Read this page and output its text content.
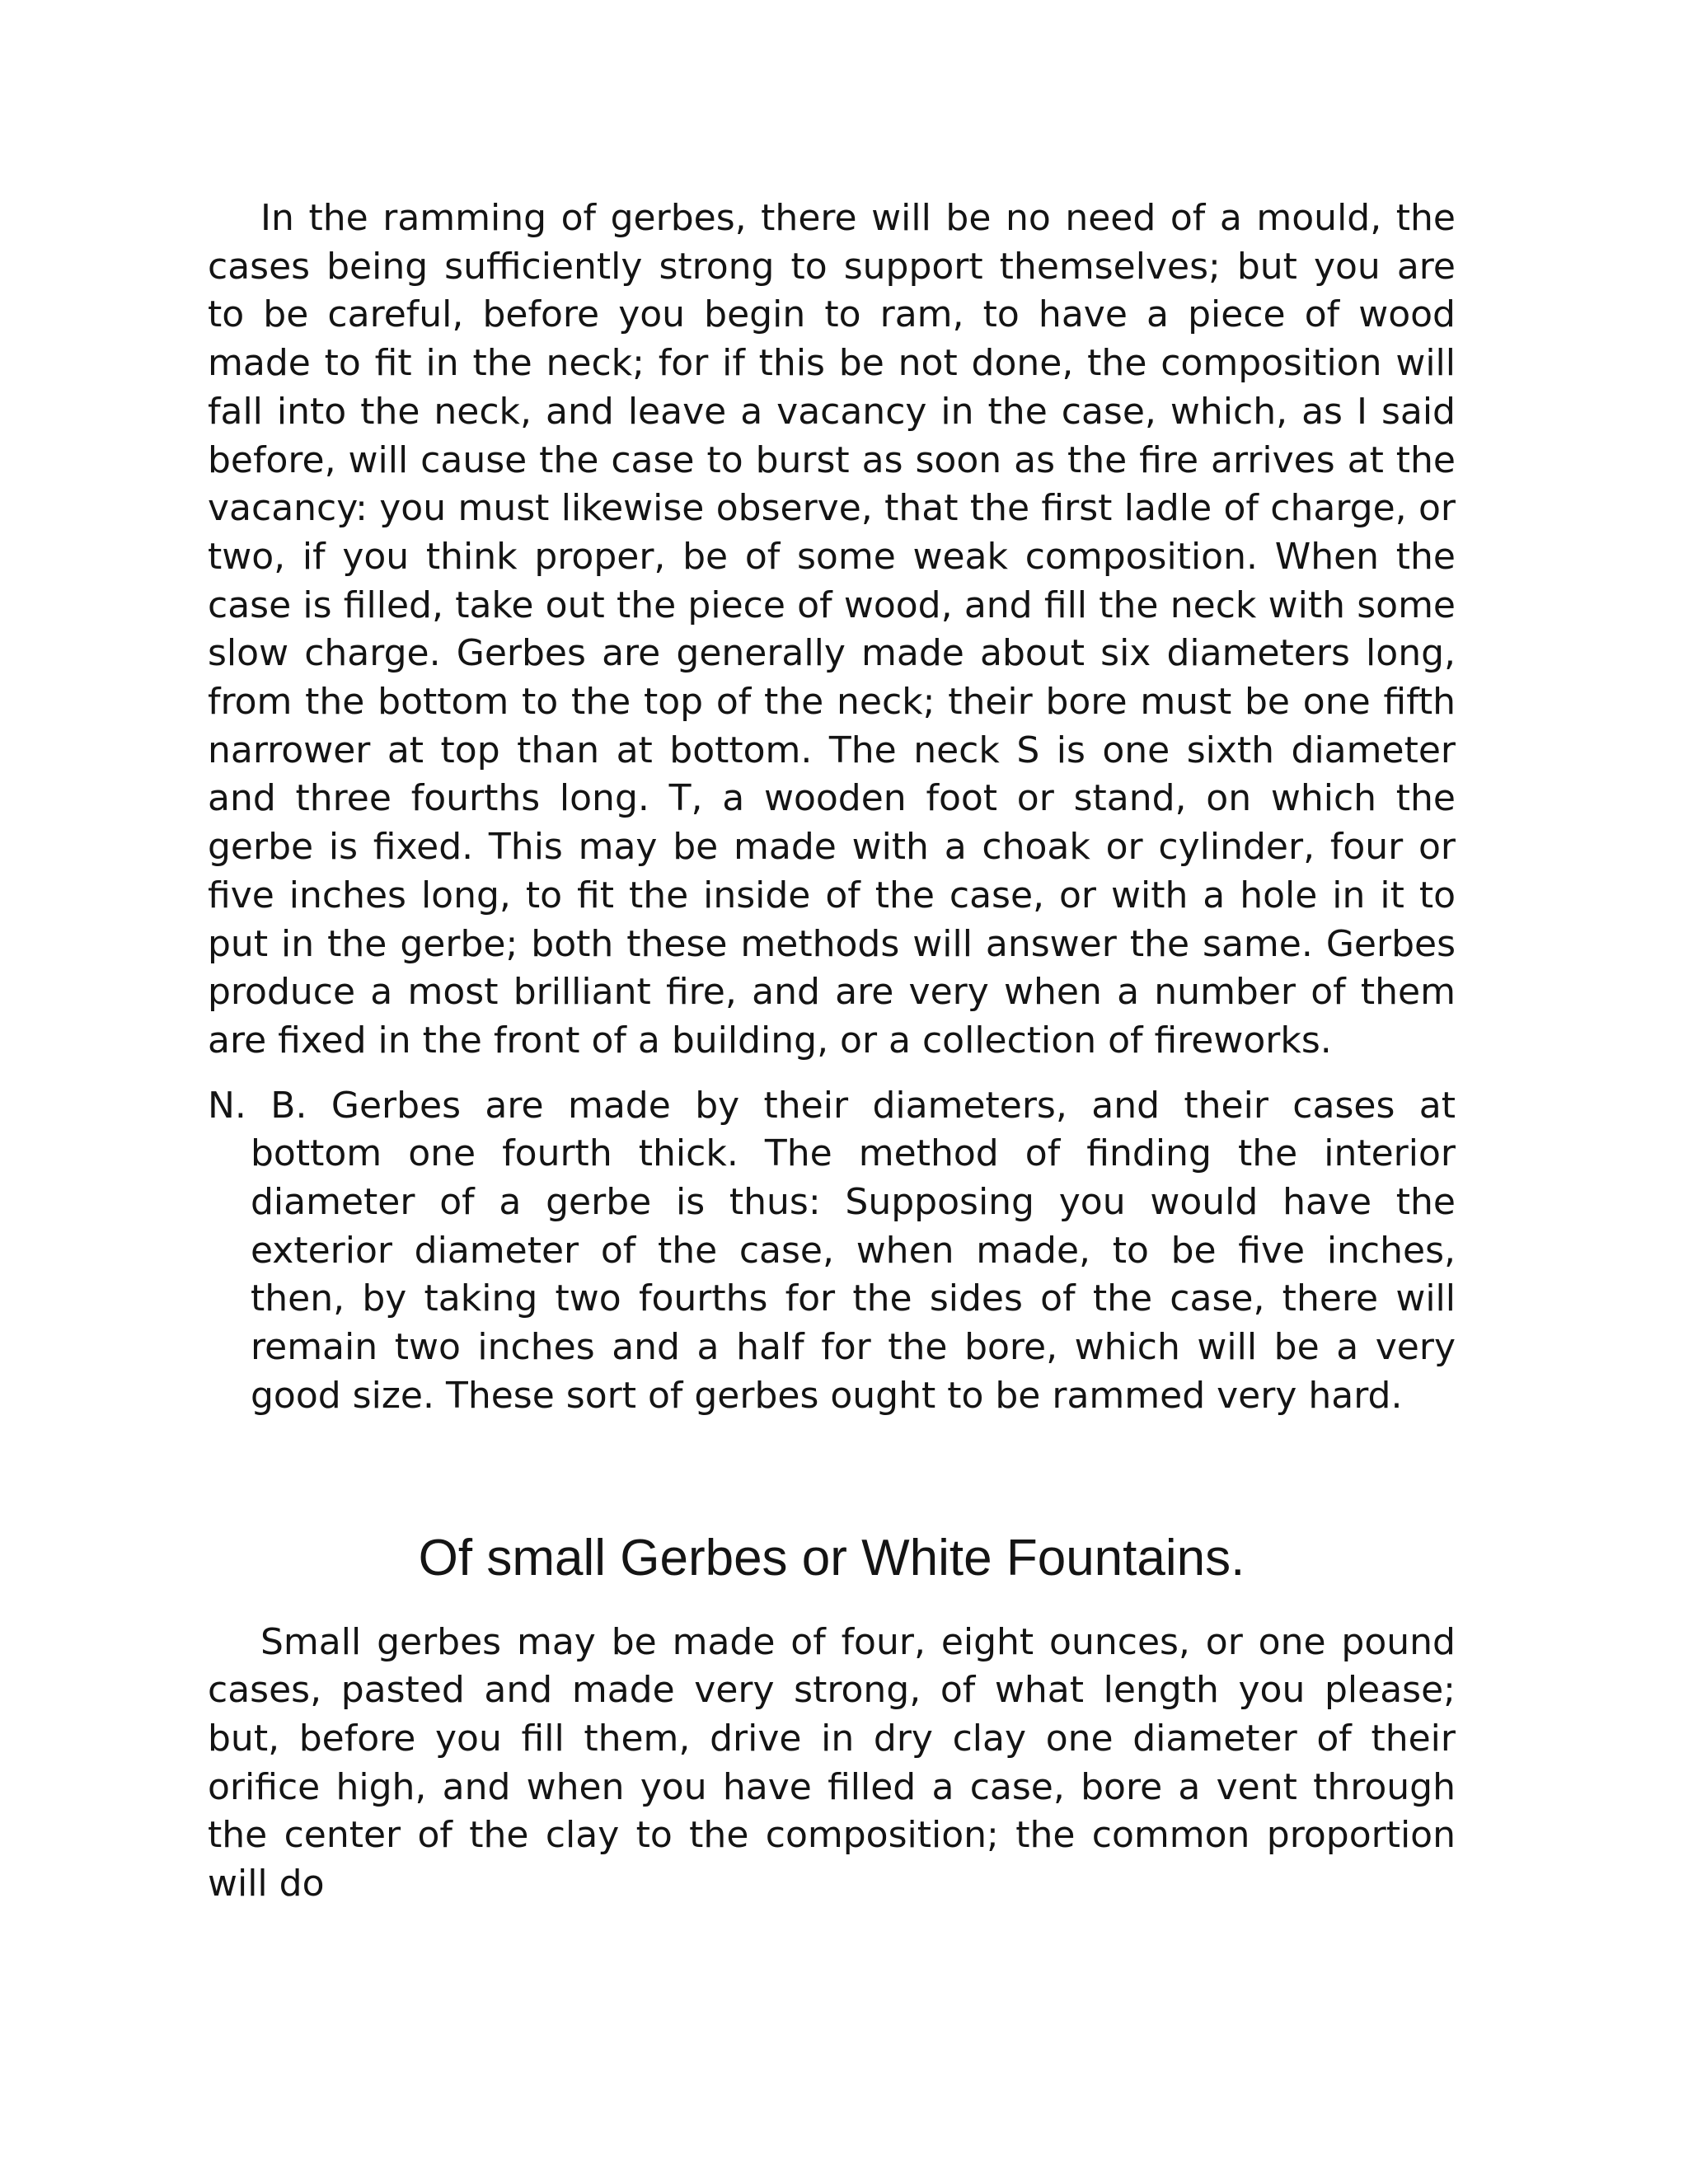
In the ramming of gerbes, there will be no need of a mould, the cases being sufficiently strong to support themselves; but you are to be careful, before you begin to ram, to have a piece of wood made to fit in the neck; for if this be not done, the composition will fall into the neck, and leave a vacancy in the case, which, as I said before, will cause the case to burst as soon as the fire arrives at the vacancy: you must likewise observe, that the first ladle of charge, or two, if you think proper, be of some weak composition. When the case is filled, take out the piece of wood, and fill the neck with some slow charge. Gerbes are generally made about six diameters long, from the bottom to the top of the neck; their bore must be one fifth narrower at top than at bottom. The neck S is one sixth diameter and three fourths long. T, a wooden foot or stand, on which the gerbe is fixed. This may be made with a choak or cylinder, four or five inches long, to fit the inside of the case, or with a hole in it to put in the gerbe; both these methods will answer the same. Gerbes produce a most brilliant fire, and are very when a number of them are fixed in the front of a building, or a collection of fireworks.

N. B. Gerbes are made by their diameters, and their cases at bottom one fourth thick. The method of finding the interior diameter of a gerbe is thus: Supposing you would have the exterior diameter of the case, when made, to be five inches, then, by taking two fourths for the sides of the case, there will remain two inches and a half for the bore, which will be a very good size. These sort of gerbes ought to be rammed very hard.

Of small Gerbes or White Fountains.

Small gerbes may be made of four, eight ounces, or one pound cases, pasted and made very strong, of what length you please; but, before you fill them, drive in dry clay one diameter of their orifice high, and when you have filled a case, bore a vent through the center of the clay to the composition; the common proportion will do
